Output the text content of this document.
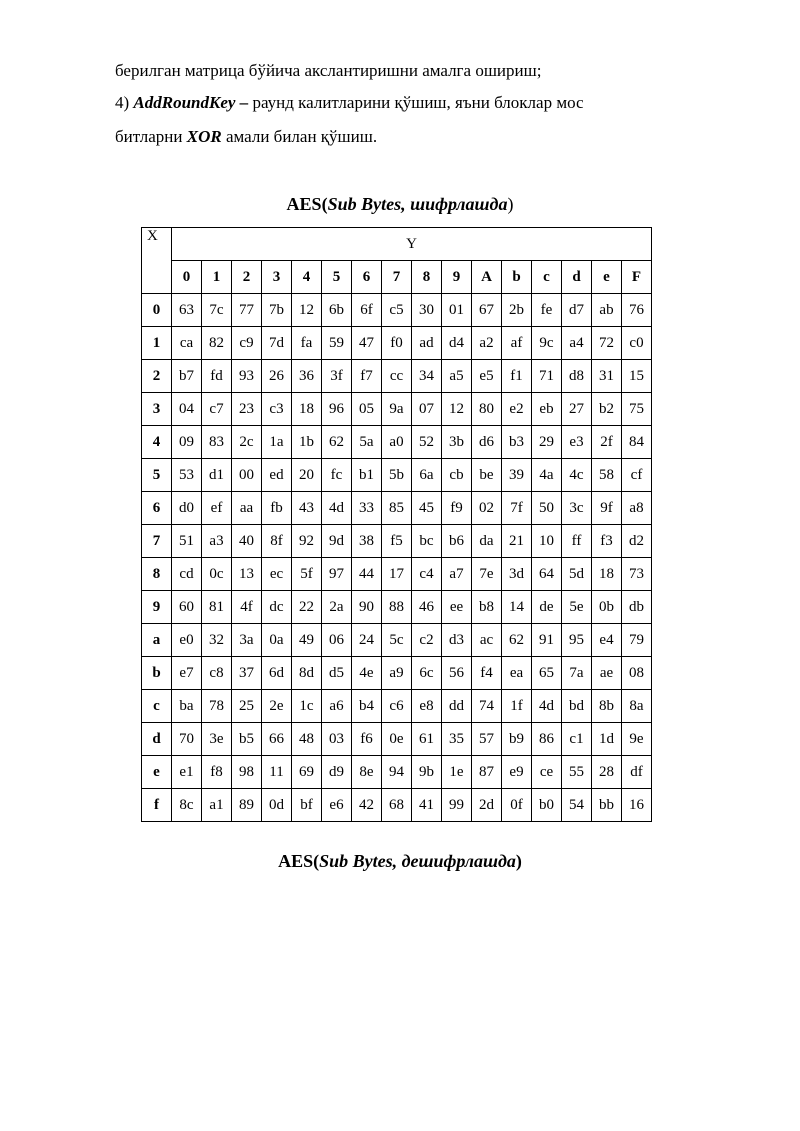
берилган матрица бўйича акслантиришни амалга ошириш;
4) AddRoundKey – раунд калитларини қўшиш, яъни блоклар мос
битларни XOR амали билан қўшиш.
AES(Sub Bytes, шифрлашда)
X	Y															
	0	1	2	3	4	5	6	7	8	9	A	b	c	d	e	F
0	63	7c	77	7b	12	6b	6f	c5	30	01	67	2b	fe	d7	ab	76
1	ca	82	c9	7d	fa	59	47	f0	ad	d4	a2	af	9c	a4	72	c0
2	b7	fd	93	26	36	3f	f7	cc	34	a5	e5	f1	71	d8	31	15
3	04	c7	23	c3	18	96	05	9a	07	12	80	e2	eb	27	b2	75
4	09	83	2c	1a	1b	62	5a	a0	52	3b	d6	b3	29	e3	2f	84
5	53	d1	00	ed	20	fc	b1	5b	6a	cb	be	39	4a	4c	58	cf
6	d0	ef	aa	fb	43	4d	33	85	45	f9	02	7f	50	3c	9f	a8
7	51	a3	40	8f	92	9d	38	f5	bc	b6	da	21	10	ff	f3	d2
8	cd	0c	13	ec	5f	97	44	17	c4	a7	7e	3d	64	5d	18	73
9	60	81	4f	dc	22	2a	90	88	46	ee	b8	14	de	5e	0b	db
a	e0	32	3a	0a	49	06	24	5c	c2	d3	ac	62	91	95	e4	79
b	e7	c8	37	6d	8d	d5	4e	a9	6c	56	f4	ea	65	7a	ae	08
c	ba	78	25	2e	1c	a6	b4	c6	e8	dd	74	1f	4d	bd	8b	8a
d	70	3e	b5	66	48	03	f6	0e	61	35	57	b9	86	c1	1d	9e
e	e1	f8	98	11	69	d9	8e	94	9b	1e	87	e9	ce	55	28	df
f	8c	a1	89	0d	bf	e6	42	68	41	99	2d	0f	b0	54	bb	16
AES(Sub Bytes, дешифрлашда)
